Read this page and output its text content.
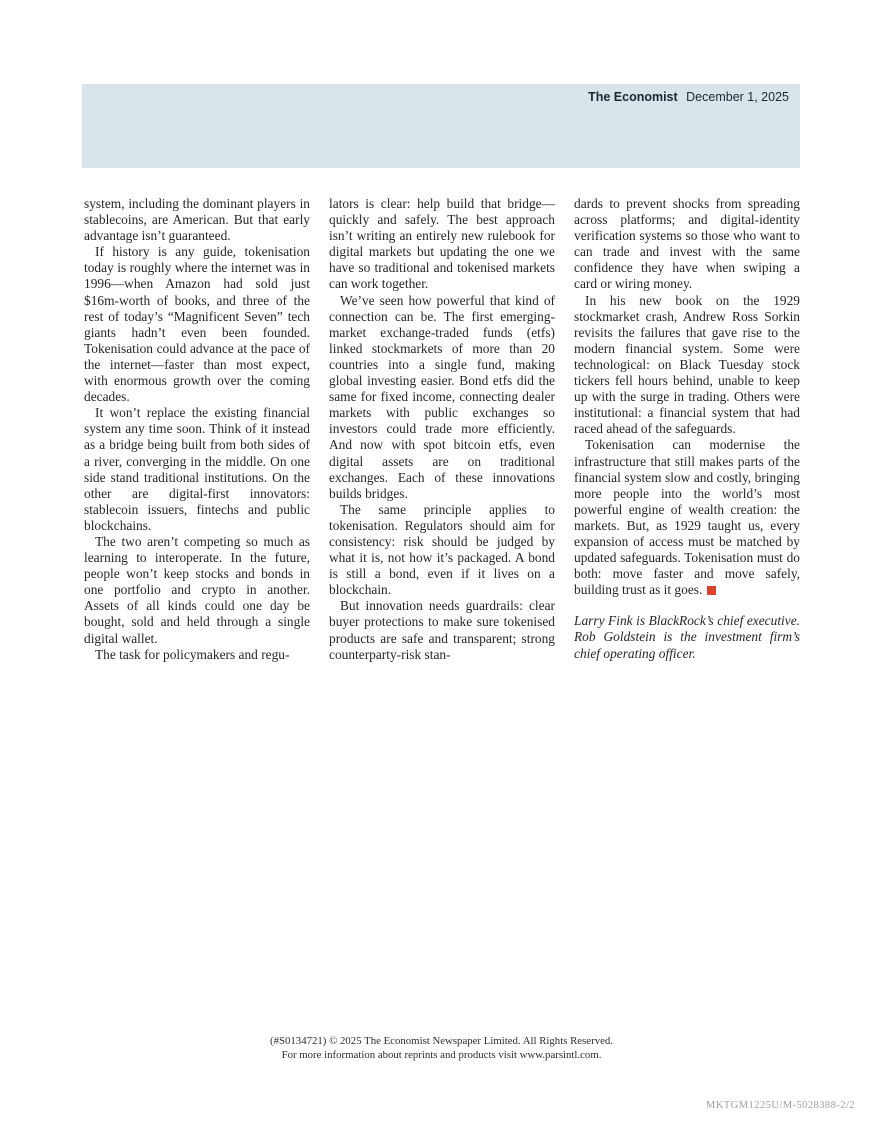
The Economist December 1, 2025

system, including the dominant players in stablecoins, are American. But that early advantage isn’t guaranteed.

If history is any guide, tokenisation today is roughly where the internet was in 1996—when Amazon had sold just $16m-worth of books, and three of the rest of today’s “Magnificent Seven” tech giants hadn’t even been founded. Tokenisation could advance at the pace of the internet—faster than most expect, with enormous growth over the coming decades.

It won’t replace the existing financial system any time soon. Think of it instead as a bridge being built from both sides of a river, converging in the middle. On one side stand traditional institutions. On the other are digital-first innovators: stablecoin issuers, fintechs and public blockchains.

The two aren’t competing so much as learning to interoperate. In the future, people won’t keep stocks and bonds in one portfolio and crypto in another. Assets of all kinds could one day be bought, sold and held through a single digital wallet.

The task for policymakers and regu-

lators is clear: help build that bridge—quickly and safely. The best approach isn’t writing an entirely new rulebook for digital markets but updating the one we have so traditional and tokenised markets can work together.

We’ve seen how powerful that kind of connection can be. The first emerging-market exchange-traded funds (etfs) linked stockmarkets of more than 20 countries into a single fund, making global investing easier. Bond etfs did the same for fixed income, connecting dealer markets with public exchanges so investors could trade more efficiently. And now with spot bitcoin etfs, even digital assets are on traditional exchanges. Each of these innovations builds bridges.

The same principle applies to tokenisation. Regulators should aim for consistency: risk should be judged by what it is, not how it’s packaged. A bond is still a bond, even if it lives on a blockchain.

But innovation needs guardrails: clear buyer protections to make sure tokenised products are safe and transparent; strong counterparty-risk stan-

dards to prevent shocks from spreading across platforms; and digital-identity verification systems so those who want to can trade and invest with the same confidence they have when swiping a card or wiring money.

In his new book on the 1929 stockmarket crash, Andrew Ross Sorkin revisits the failures that gave rise to the modern financial system. Some were technological: on Black Tuesday stock tickers fell hours behind, unable to keep up with the surge in trading. Others were institutional: a financial system that had raced ahead of the safeguards.

Tokenisation can modernise the infrastructure that still makes parts of the financial system slow and costly, bringing more people into the world’s most powerful engine of wealth creation: the markets. But, as 1929 taught us, every expansion of access must be matched by updated safeguards. Tokenisation must do both: move faster and move safely, building trust as it goes.

Larry Fink is BlackRock’s chief executive. Rob Goldstein is the investment firm’s chief operating officer.

(#S0134721) © 2025 The Economist Newspaper Limited. All Rights Reserved.
For more information about reprints and products visit www.parsintl.com.
MKTGM1225U/M-5028388-2/2
